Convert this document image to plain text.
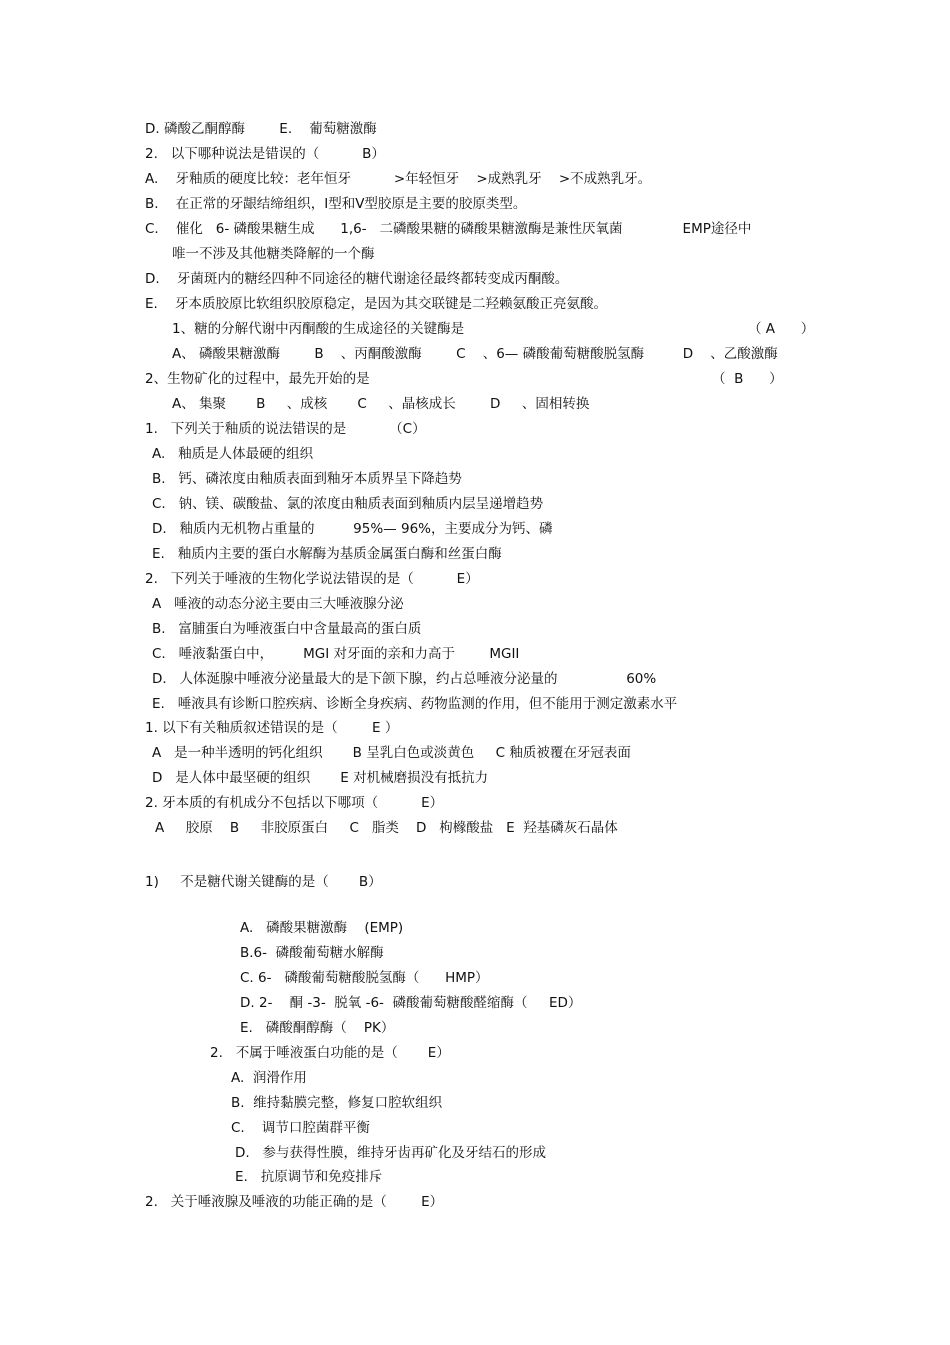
D. 磷酸乙酮醇酶        E.    葡萄糖激酶
2.   以下哪种说法是错误的（          B）
A.    牙釉质的硬度比较：老年恒牙          >年轻恒牙    >成熟乳牙    >不成熟乳牙。
B.    在正常的牙龈结缔组织，Ⅰ型和Ⅴ型胶原是主要的胶原类型。
C.    催化   6- 磷酸果糖生成      1,6-   二磷酸果糖的磷酸果糖激酶是兼性厌氧菌              EMP途径中
唯一不涉及其他糖类降解的一个酶
D.    牙菌斑内的糖经四种不同途径的糖代谢途径最终都转变成丙酮酸。
E.    牙本质胶原比软组织胶原稳定，是因为其交联键是二羟赖氨酸正亮氨酸。
1、糖的分解代谢中丙酮酸的生成途径的关键酶是	（ A      ）
A、 磷酸果糖激酶        B    、丙酮酸激酶        C    、6— 磷酸葡萄糖酸脱氢酶         D    、乙酸激酶
2、生物矿化的过程中，最先开始的是	（  B      ）
A、 集聚       B     、成核       C     、晶核成长        D     、固相转换
1.   下列关于釉质的说法错误的是          （C）
A.   釉质是人体最硬的组织
B.   钙、磷浓度由釉质表面到釉牙本质界呈下降趋势
C.   钠、镁、碳酸盐、氯的浓度由釉质表面到釉质内层呈递增趋势
D.   釉质内无机物占重量的         95%— 96%，主要成分为钙、磷
E.   釉质内主要的蛋白水解酶为基质金属蛋白酶和丝蛋白酶
2.   下列关于唾液的生物化学说法错误的是（          E）
A   唾液的动态分泌主要由三大唾液腺分泌
B.   富脯蛋白为唾液蛋白中含量最高的蛋白质
C.   唾液黏蛋白中，       MGI 对牙面的亲和力高于        MGII
D.   人体涎腺中唾液分泌量最大的是下颌下腺，约占总唾液分泌量的                60%
E.   唾液具有诊断口腔疾病、诊断全身疾病、药物监测的作用，但不能用于测定激素水平
1. 以下有关釉质叙述错误的是（        E ）
A   是一种半透明的钙化组织       B 呈乳白色或淡黄色     C 釉质被覆在牙冠表面
D   是人体中最坚硬的组织       E 对机械磨损没有抵抗力
2. 牙本质的有机成分不包括以下哪项（          E）
A     胶原    B     非胶原蛋白     C   脂类    D   枸橼酸盐   E  羟基磷灰石晶体
1)     不是糖代谢关键酶的是（       B）
A.   磷酸果糖激酶    (EMP)
B.6-  磷酸葡萄糖水解酶
C. 6-   磷酸葡萄糖酸脱氢酶（      HMP）
D. 2-    酮 -3-  脱氧 -6-  磷酸葡萄糖酸醛缩酶（     ED）
E.   磷酸酮醇酶（    PK）
2.   不属于唾液蛋白功能的是（       E）
A.  润滑作用
B.  维持黏膜完整，修复口腔软组织
C.    调节口腔菌群平衡
D.   参与获得性膜，维持牙齿再矿化及牙结石的形成
E.   抗原调节和免疫排斥
2.   关于唾液腺及唾液的功能正确的是（        E）
